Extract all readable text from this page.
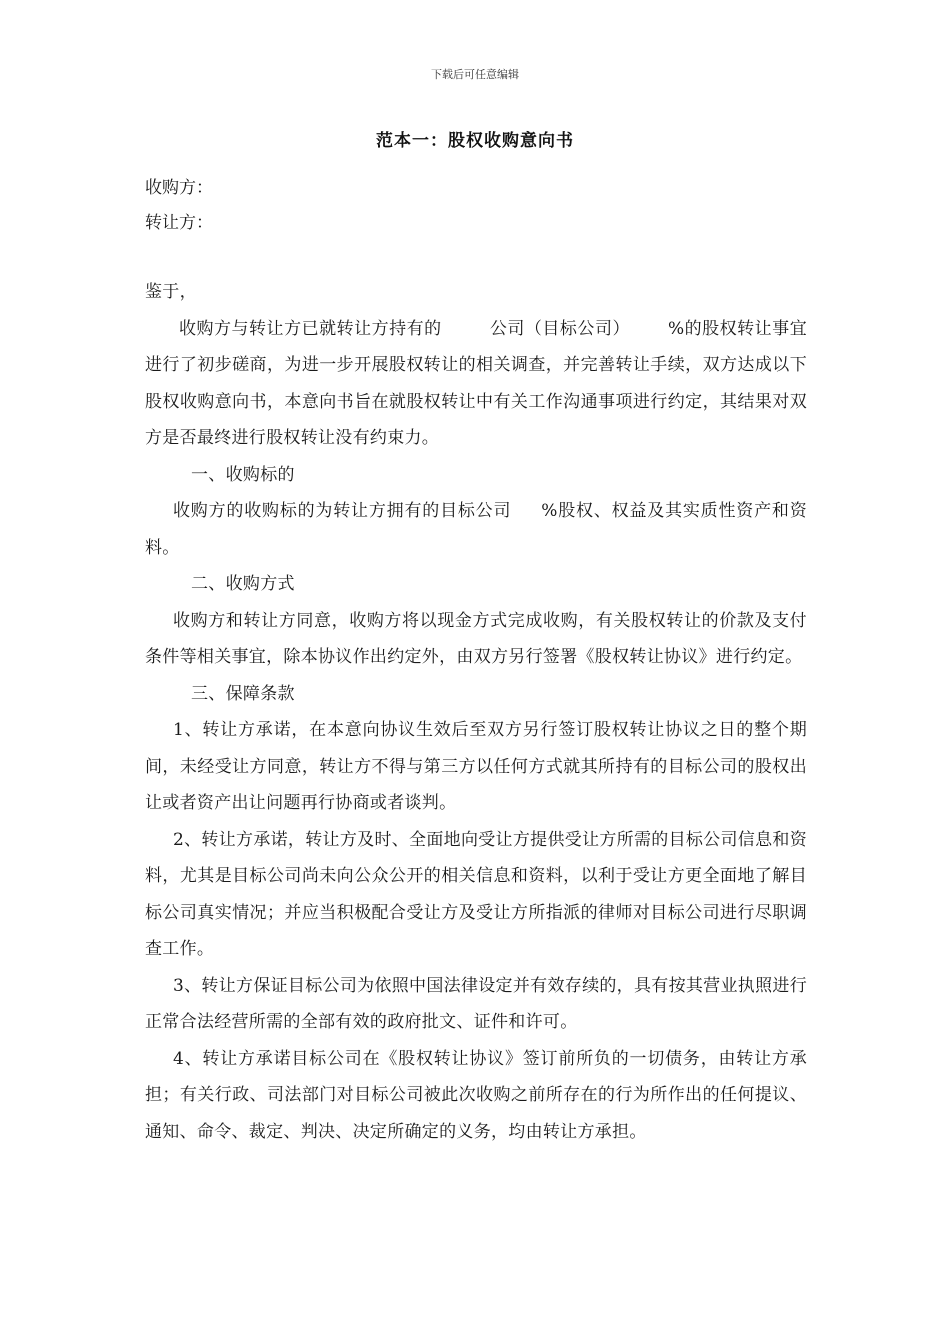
下载后可任意编辑
范本一：股权收购意向书
收购方：
转让方：

鉴于，

收购方与转让方已就转让方持有的	公司（目标公司） %的股权转让事宜进行了初步磋商，为进一步开展股权转让的相关调查，并完善转让手续，双方达成以下股权收购意向书，本意向书旨在就股权转让中有关工作沟通事项进行约定，其结果对双方是否最终进行股权转让没有约束力。

一、收购标的

收购方的收购标的为转让方拥有的目标公司 %股权、权益及其实质性资产和资料。

二、收购方式

收购方和转让方同意，收购方将以现金方式完成收购，有关股权转让的价款及支付条件等相关事宜，除本协议作出约定外，由双方另行签署《股权转让协议》进行约定。

三、保障条款

1、转让方承诺，在本意向协议生效后至双方另行签订股权转让协议之日的整个期间，未经受让方同意，转让方不得与第三方以任何方式就其所持有的目标公司的股权出让或者资产出让问题再行协商或者谈判。

2、转让方承诺，转让方及时、全面地向受让方提供受让方所需的目标公司信息和资料，尤其是目标公司尚未向公众公开的相关信息和资料，以利于受让方更全面地了解目标公司真实情况；并应当积极配合受让方及受让方所指派的律师对目标公司进行尽职调查工作。

3、转让方保证目标公司为依照中国法律设定并有效存续的，具有按其营业执照进行正常合法经营所需的全部有效的政府批文、证件和许可。

4、转让方承诺目标公司在《股权转让协议》签订前所负的一切债务，由转让方承担；有关行政、司法部门对目标公司被此次收购之前所存在的行为所作出的任何提议、通知、命令、裁定、判决、决定所确定的义务，均由转让方承担。
